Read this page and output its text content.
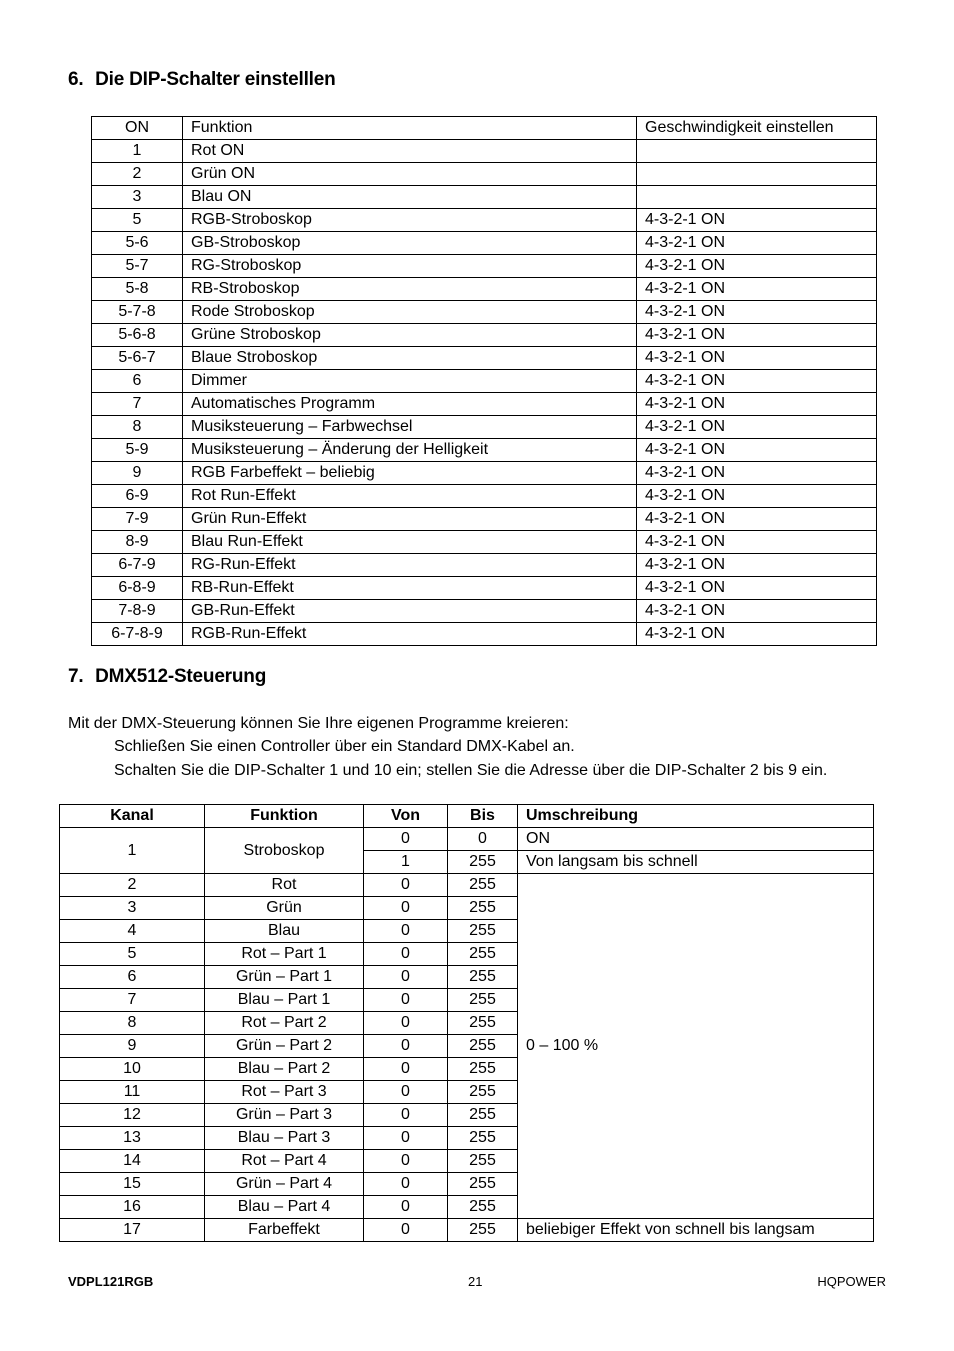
6. Die DIP-Schalter einstelllen
ON	Funktion	Geschwindigkeit einstellen
1	Rot ON	
2	Grün ON	
3	Blau ON	
5	RGB-Stroboskop	4-3-2-1 ON
5-6	GB-Stroboskop	4-3-2-1 ON
5-7	RG-Stroboskop	4-3-2-1 ON
5-8	RB-Stroboskop	4-3-2-1 ON
5-7-8	Rode Stroboskop	4-3-2-1 ON
5-6-8	Grüne Stroboskop	4-3-2-1 ON
5-6-7	Blaue Stroboskop	4-3-2-1 ON
6	Dimmer	4-3-2-1 ON
7	Automatisches Programm	4-3-2-1 ON
8	Musiksteuerung – Farbwechsel	4-3-2-1 ON
5-9	Musiksteuerung – Änderung der Helligkeit	4-3-2-1 ON
9	RGB Farbeffekt – beliebig	4-3-2-1 ON
6-9	Rot Run-Effekt	4-3-2-1 ON
7-9	Grün Run-Effekt	4-3-2-1 ON
8-9	Blau Run-Effekt	4-3-2-1 ON
6-7-9	RG-Run-Effekt	4-3-2-1 ON
6-8-9	RB-Run-Effekt	4-3-2-1 ON
7-8-9	GB-Run-Effekt	4-3-2-1 ON
6-7-8-9	RGB-Run-Effekt	4-3-2-1 ON
7. DMX512-Steuerung

Mit der DMX-Steuerung können Sie Ihre eigenen Programme kreieren:

Schließen Sie einen Controller über ein Standard DMX-Kabel an.

Schalten Sie die DIP-Schalter 1 und 10 ein; stellen Sie die Adresse über die DIP-Schalter 2 bis 9 ein.

Kanal	Funktion	Von	Bis	Umschreibung
1	Stroboskop	0	0	ON
		1	255	Von langsam bis schnell
2	Rot	0	255	0 – 100 %
3	Grün	0	255	
4	Blau	0	255	
5	Rot – Part 1	0	255	
6	Grün – Part 1	0	255	
7	Blau – Part 1	0	255	
8	Rot – Part 2	0	255	
9	Grün – Part 2	0	255	
10	Blau – Part 2	0	255	
11	Rot – Part 3	0	255	
12	Grün – Part 3	0	255	
13	Blau – Part 3	0	255	
14	Rot – Part 4	0	255	
15	Grün – Part 4	0	255	
16	Blau – Part 4	0	255	
17	Farbeffekt	0	255	beliebiger Effekt von schnell bis langsam
VDPL121RGB	21	HQPOWER
